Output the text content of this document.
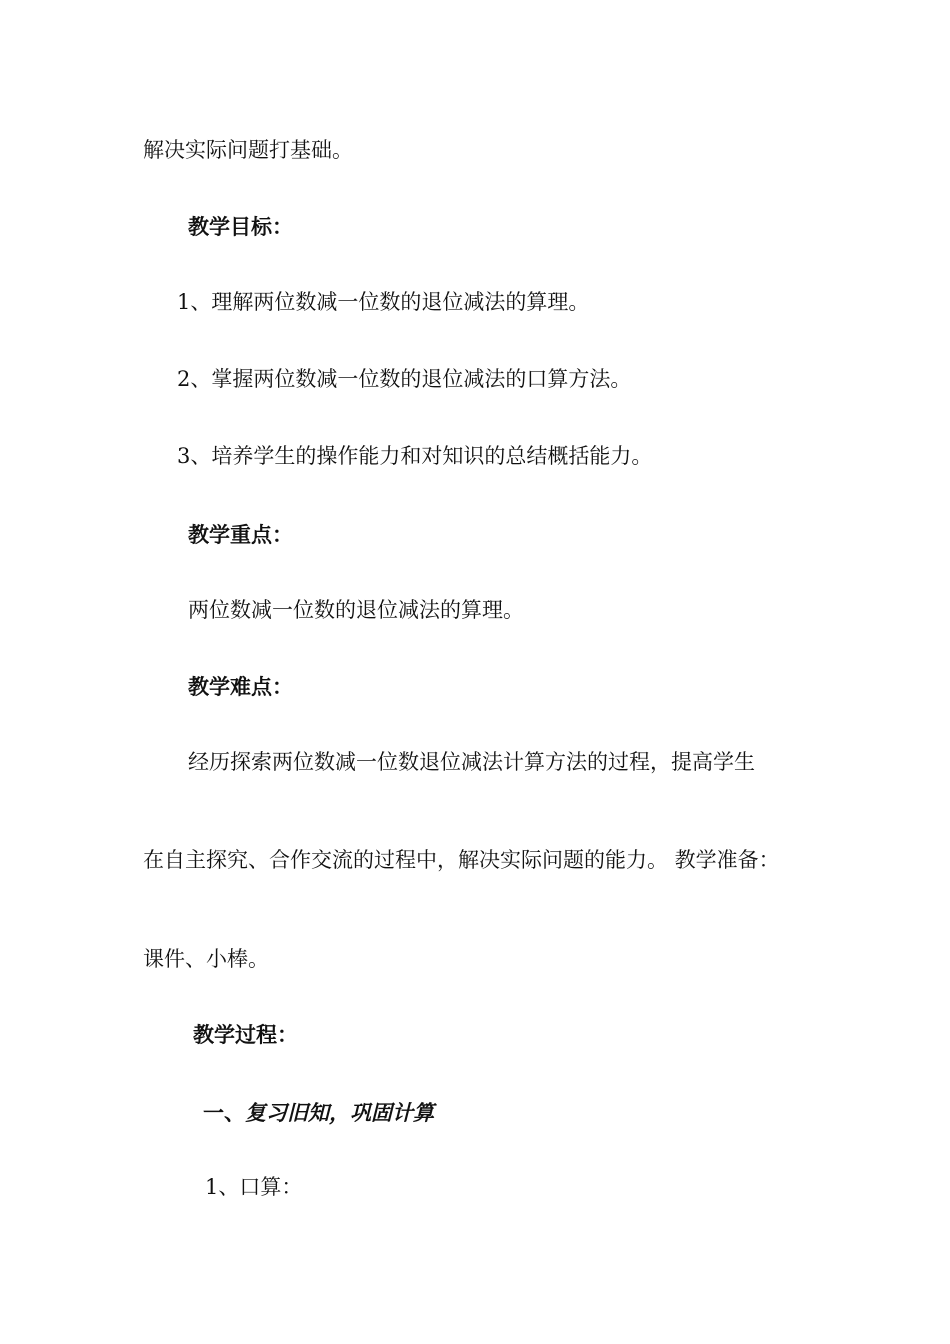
解决实际问题打基础。
教学目标：
1、理解两位数减一位数的退位减法的算理。
2、掌握两位数减一位数的退位减法的口算方法。
3、培养学生的操作能力和对知识的总结概括能力。
教学重点：
两位数减一位数的退位减法的算理。
教学难点：
经历探索两位数减一位数退位减法计算方法的过程，提高学生
在自主探究、合作交流的过程中，解决实际问题的能力。 教学准备：
课件、小棒。
教学过程：
一、复习旧知，巩固计算
1、口算：
